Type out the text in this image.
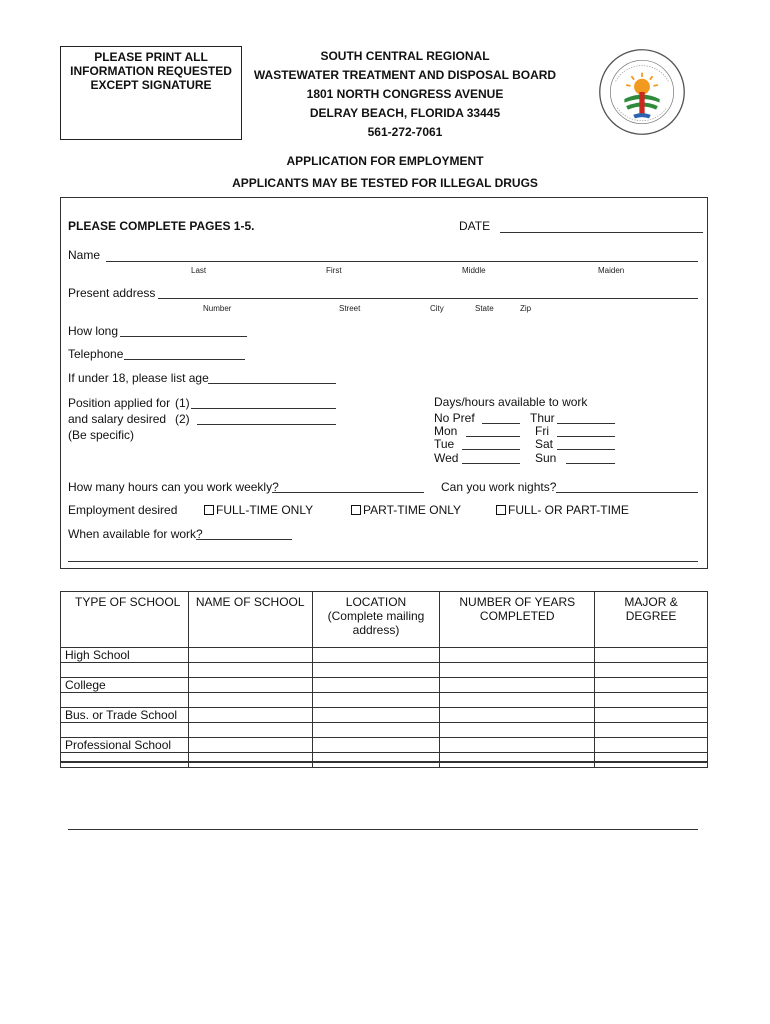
PLEASE PRINT ALL
INFORMATION REQUESTED
EXCEPT SIGNATURE
SOUTH CENTRAL REGIONAL
WASTEWATER TREATMENT AND DISPOSAL BOARD
1801 NORTH CONGRESS AVENUE
DELRAY BEACH, FLORIDA 33445
561-272-7061
APPLICATION FOR EMPLOYMENT
APPLICANTS MAY BE TESTED FOR ILLEGAL DRUGS
PLEASE COMPLETE PAGES 1-5.	DATE
Name
Last	First	Middle	Maiden
Present address
Number	Street	City	State	Zip
How long
Telephone
If under 18, please list age
Position applied for (1)
and salary desired (2)
(Be specific)
Days/hours available to work
No Pref
Mon
Tue
Wed
Thur
Fri
Sat
Sun
How many hours can you work weekly?	Can you work nights?
Employment desired	FULL-TIME ONLY	PART-TIME ONLY	FULL- OR PART-TIME
When available for work?
TYPE OF SCHOOL	NAME OF SCHOOL	LOCATION (Complete mailing address)	NUMBER OF YEARS COMPLETED	MAJOR & DEGREE
High School				

College				

Bus. or Trade School				

Professional School				
